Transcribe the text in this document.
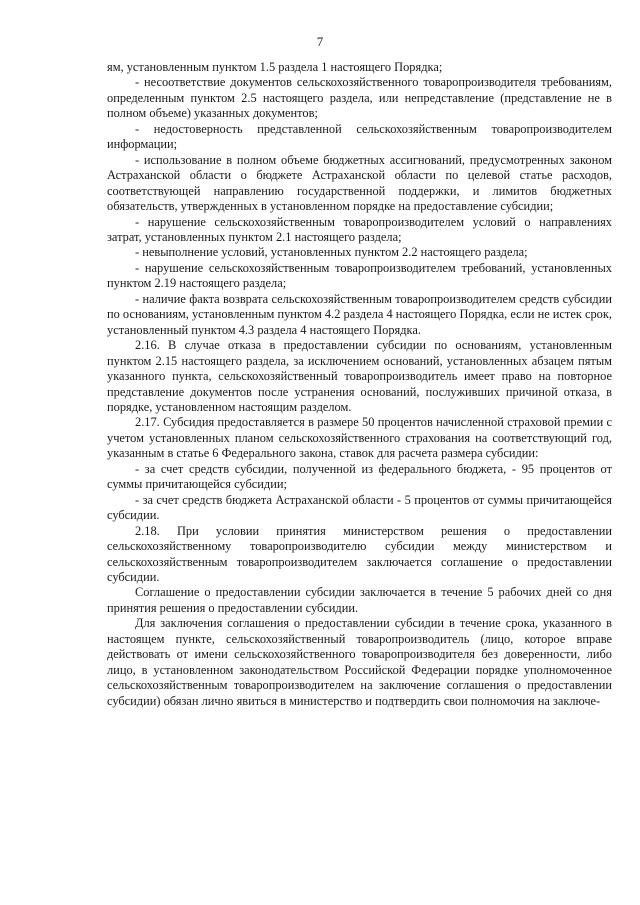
7

ям, установленным пунктом 1.5 раздела 1 настоящего Порядка;

- несоответствие документов сельскохозяйственного товаропроизводителя требованиям, определенным пунктом 2.5 настоящего раздела, или непредставление (представление не в полном объеме) указанных документов;

- недостоверность представленной сельскохозяйственным товаропроизводителем информации;

- использование в полном объеме бюджетных ассигнований, предусмотренных законом Астраханской области о бюджете Астраханской области по целевой статье расходов, соответствующей направлению государственной поддержки, и лимитов бюджетных обязательств, утвержденных в установленном порядке на предоставление субсидии;

- нарушение сельскохозяйственным товаропроизводителем условий о направлениях затрат, установленных пунктом 2.1 настоящего раздела;

- невыполнение условий, установленных пунктом 2.2 настоящего раздела;

- нарушение сельскохозяйственным товаропроизводителем требований, установленных пунктом 2.19 настоящего раздела;

- наличие факта возврата сельскохозяйственным товаропроизводителем средств субсидии по основаниям, установленным пунктом 4.2 раздела 4 настоящего Порядка, если не истек срок, установленный пунктом 4.3 раздела 4 настоящего Порядка.

2.16. В случае отказа в предоставлении субсидии по основаниям, установленным пунктом 2.15 настоящего раздела, за исключением оснований, установленных абзацем пятым указанного пункта, сельскохозяйственный товаропроизводитель имеет право на повторное представление документов после устранения оснований, послуживших причиной отказа, в порядке, установленном настоящим разделом.

2.17. Субсидия предоставляется в размере 50 процентов начисленной страховой премии с учетом установленных планом сельскохозяйственного страхования на соответствующий год, указанным в статье 6 Федерального закона, ставок для расчета размера субсидии:

- за счет средств субсидии, полученной из федерального бюджета, - 95 процентов от суммы причитающейся субсидии;

- за счет средств бюджета Астраханской области - 5 процентов от суммы причитающейся субсидии.

2.18. При условии принятия министерством решения о предоставлении сельскохозяйственному товаропроизводителю субсидии между министерством и сельскохозяйственным товаропроизводителем заключается соглашение о предоставлении субсидии.

Соглашение о предоставлении субсидии заключается в течение 5 рабочих дней со дня принятия решения о предоставлении субсидии.

Для заключения соглашения о предоставлении субсидии в течение срока, указанного в настоящем пункте, сельскохозяйственный товаропроизводитель (лицо, которое вправе действовать от имени сельскохозяйственного товаропроизводителя без доверенности, либо лицо, в установленном законодательством Российской Федерации порядке уполномоченное сельскохозяйственным товаропроизводителем на заключение соглашения о предоставлении субсидии) обязан лично явиться в министерство и подтвердить свои полномочия на заключе-
